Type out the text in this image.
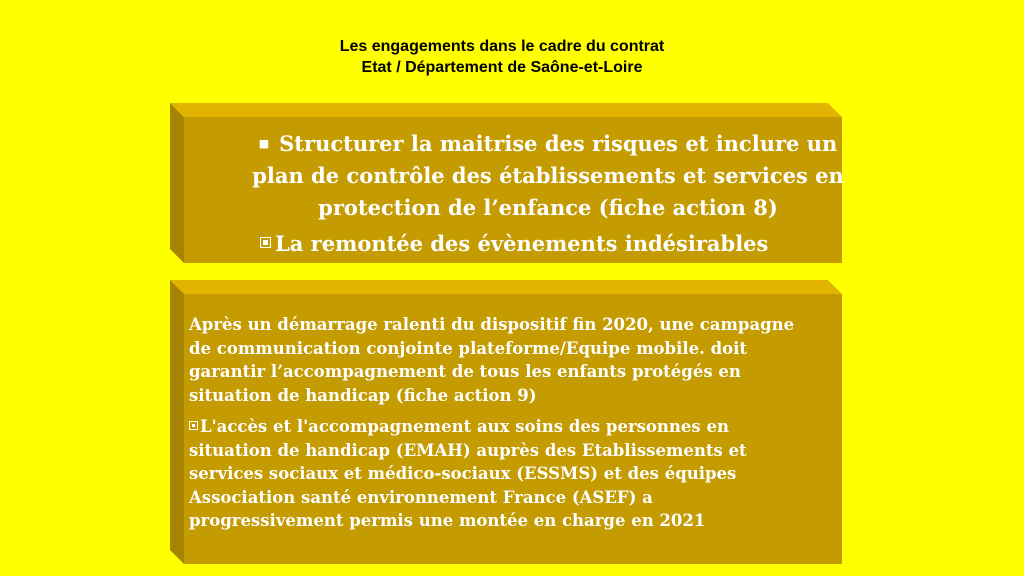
Les engagements dans le cadre du contrat
Etat / Département de Saône-et-Loire
■ Structurer la maitrise des risques et inclure un
plan de contrôle des établissements et services en
protection de l’enfance (fiche action 8)
La remontée des évènements indésirables
Après un démarrage ralenti du dispositif fin 2020, une campagne
de communication conjointe plateforme/Equipe mobile. doit
garantir l’accompagnement de tous les enfants protégés en
situation de handicap (fiche action 9)
L'accès et l'accompagnement aux soins des personnes en
situation de handicap (EMAH) auprès des Etablissements et
services sociaux et médico-sociaux (ESSMS) et des équipes
Association santé environnement France (ASEF) a
progressivement permis une montée en charge en 2021
